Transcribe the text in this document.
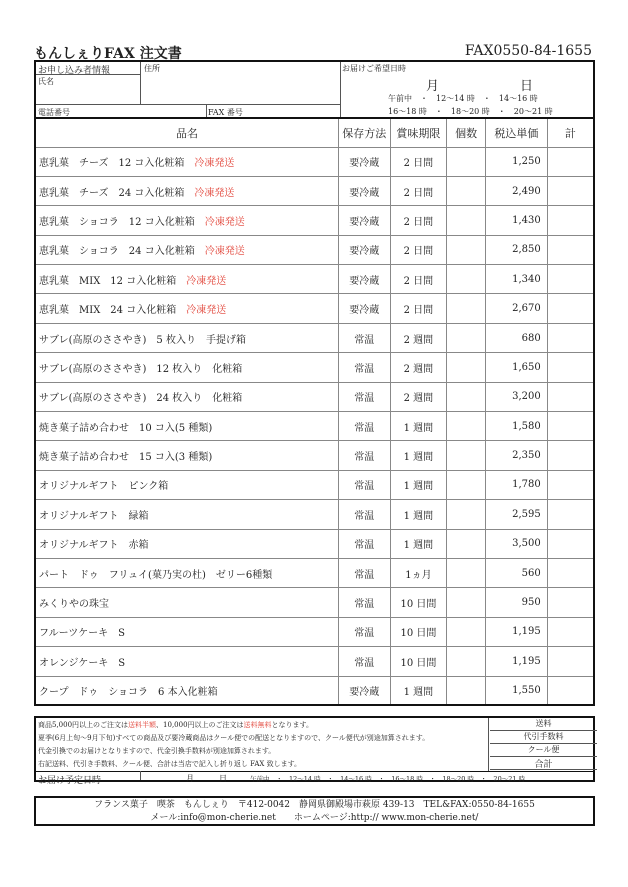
もんしぇりFAX 注文書	FAX0550-84-1655
お申し込み者情報	住所
氏名
電話番号	FAX 番号
お届けご希望日時
月	日
午前中　・　12〜14 時　・　14〜16 時
16〜18 時　・　18〜20 時　・　20〜21 時
品名	保存方法	賞味期限	個数	税込単価	計
恵乳菓　チーズ　12 コ入化粧箱　 冷凍発送	要冷蔵	2 日間		1,250	
恵乳菓　チーズ　24 コ入化粧箱　 冷凍発送	要冷蔵	2 日間		2,490	
恵乳菓　ショコラ　12 コ入化粧箱　 冷凍発送	要冷蔵	2 日間		1,430	
恵乳菓　ショコラ　24 コ入化粧箱　 冷凍発送	要冷蔵	2 日間		2,850	
恵乳菓　MIX　12 コ入化粧箱　 冷凍発送	要冷蔵	2 日間		1,340	
恵乳菓　MIX　24 コ入化粧箱　 冷凍発送	要冷蔵	2 日間		2,670	
サブレ(高原のささやき)　5 枚入り　手提げ箱	常温	2 週間		680	
サブレ(高原のささやき)　12 枚入り　化粧箱	常温	2 週間		1,650	
サブレ(高原のささやき)　24 枚入り　化粧箱	常温	2 週間		3,200	
焼き菓子詰め合わせ　10 コ入(5 種類)	常温	1 週間		1,580	
焼き菓子詰め合わせ　15 コ入(3 種類)	常温	1 週間		2,350	
オリジナルギフト　ピンク箱	常温	1 週間		1,780	
オリジナルギフト　緑箱	常温	1 週間		2,595	
オリジナルギフト　赤箱	常温	1 週間		3,500	
パート　ドゥ　フリュイ(菓乃実の杜)　ゼリー6種類	常温	1ヵ月		560	
みくりやの珠宝	常温	10 日間		950	
フルーツケーキ　S	常温	10 日間		1,195	
オレンジケーキ　S	常温	10 日間		1,195	
クープ　ドゥ　ショコラ　6 本入化粧箱	要冷蔵	1 週間		1,550	
商品5,000円以上のご注文は送料半額、10,000円以上のご注文は送料無料となります。
夏季(6月上旬〜9月下旬)すべての商品及び要冷蔵商品はクール便での配送となりますので、クール便代が別途加算されます。
代金引換でのお届けとなりますので、代金引換手数料が別途加算されます。
右記送料、代引き手数料、クール便、合計は当店で記入し折り返し FAX 致します。
送料
代引手数料
クール便
合計
お届け予定日時	月	日	午前中　・　12〜14 時　・　14〜16 時　・　16〜18 時　・　18〜20 時　・　20〜21 時
フランス菓子　喫茶　もんしぇり　〒412-0042　静岡県御殿場市萩原 439-13　TEL&FAX:0550-84-1655
メール:info@mon-cherie.net　　ホームページ:http:// www.mon-cherie.net/
